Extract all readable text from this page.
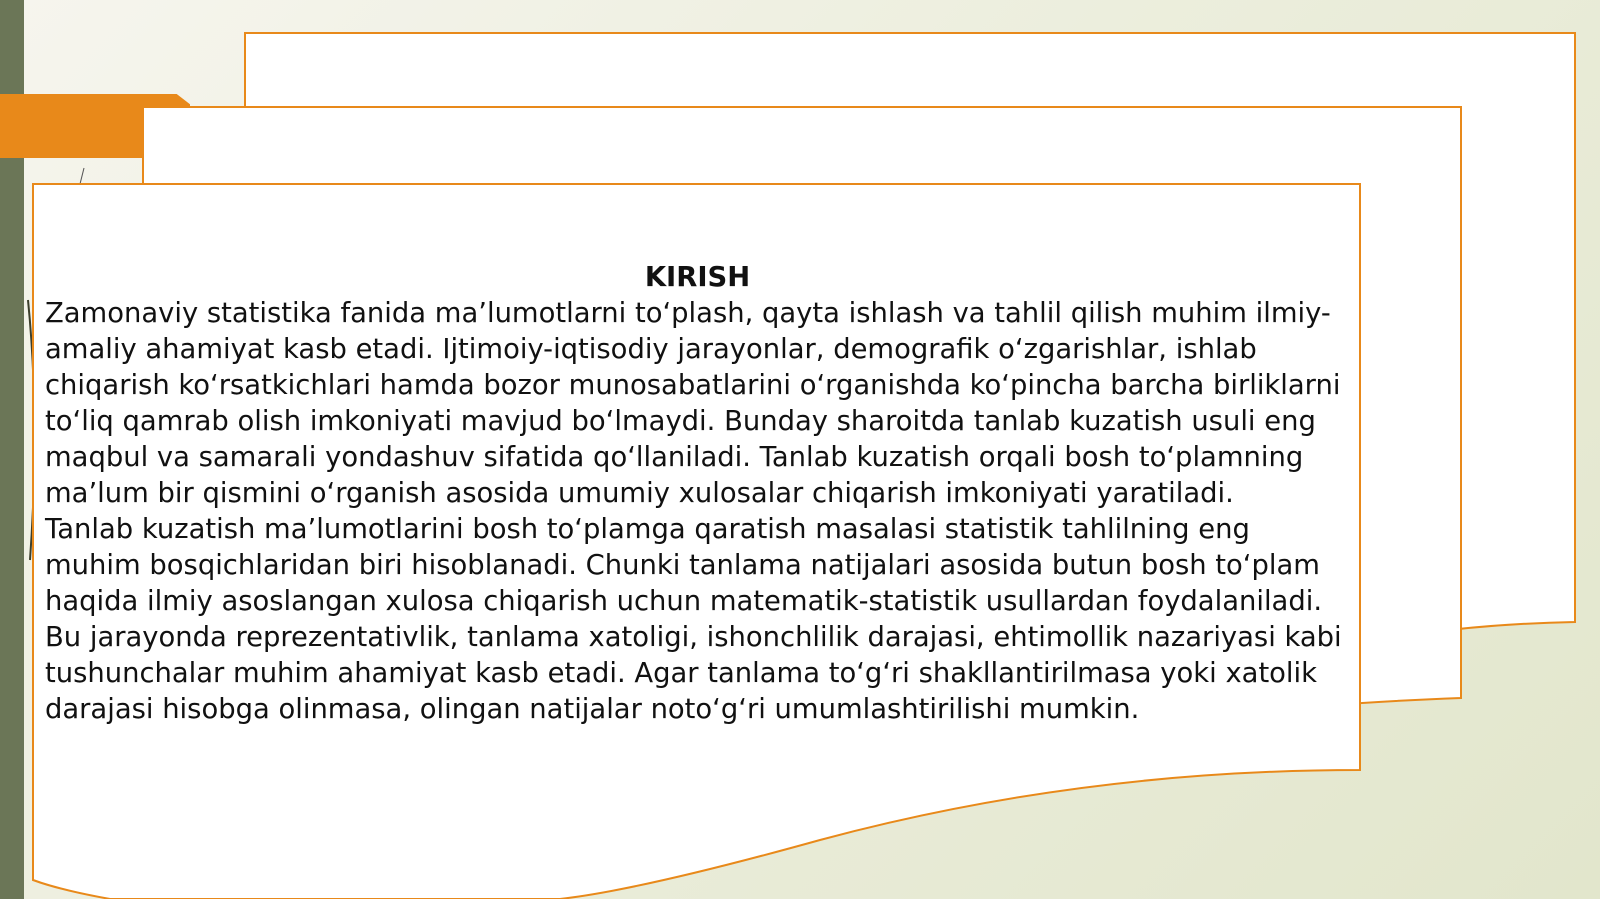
KIRISH

Zamonaviy statistika fanida ma’lumotlarni to‘plash, qayta ishlash va tahlil qilish muhim ilmiy-amaliy ahamiyat kasb etadi. Ijtimoiy-iqtisodiy jarayonlar, demografik o‘zgarishlar, ishlab chiqarish ko‘rsatkichlari hamda bozor munosabatlarini o‘rganishda ko‘pincha barcha birliklarni to‘liq qamrab olish imkoniyati mavjud bo‘lmaydi. Bunday sharoitda tanlab kuzatish usuli eng maqbul va samarali yondashuv sifatida qo‘llaniladi. Tanlab kuzatish orqali bosh to‘plamning ma’lum bir qismini o‘rganish asosida umumiy xulosalar chiqarish imkoniyati yaratiladi.

Tanlab kuzatish ma’lumotlarini bosh to‘plamga qaratish masalasi statistik tahlilning eng muhim bosqichlaridan biri hisoblanadi. Chunki tanlama natijalari asosida butun bosh to‘plam haqida ilmiy asoslangan xulosa chiqarish uchun matematik-statistik usullardan foydalaniladi. Bu jarayonda reprezentativlik, tanlama xatoligi, ishonchlilik darajasi, ehtimollik nazariyasi kabi tushunchalar muhim ahamiyat kasb etadi. Agar tanlama to‘g‘ri shakllantirilmasa yoki xatolik darajasi hisobga olinmasa, olingan natijalar noto‘g‘ri umumlashtirilishi mumkin.
